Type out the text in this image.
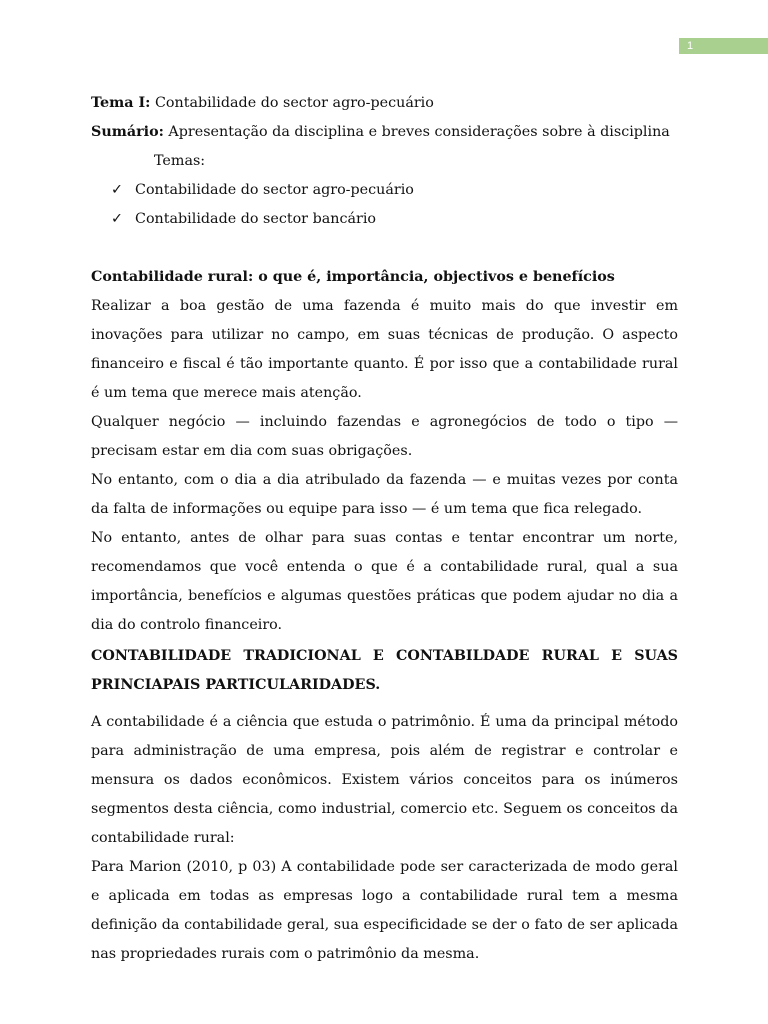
1

Tema I: Contabilidade do sector agro-pecuário

Sumário: Apresentação da disciplina e breves considerações sobre à disciplina

Temas:

✓ Contabilidade do sector agro-pecuário

✓ Contabilidade do sector bancário

Contabilidade rural: o que é, importância, objectivos e benefícios

Realizar a boa gestão de uma fazenda é muito mais do que investir em inovações para utilizar no campo, em suas técnicas de produção. O aspecto financeiro e fiscal é tão importante quanto. É por isso que a contabilidade rural é um tema que merece mais atenção.

Qualquer negócio — incluindo fazendas e agronegócios de todo o tipo — precisam estar em dia com suas obrigações.

No entanto, com o dia a dia atribulado da fazenda — e muitas vezes por conta da falta de informações ou equipe para isso — é um tema que fica relegado.

No entanto, antes de olhar para suas contas e tentar encontrar um norte, recomendamos que você entenda o que é a contabilidade rural, qual a sua importância, benefícios e algumas questões práticas que podem ajudar no dia a dia do controlo financeiro.

CONTABILIDADE TRADICIONAL E CONTABILDADE RURAL E SUAS

PRINCIAPAIS PARTICULARIDADES.

A contabilidade é a ciência que estuda o patrimônio. É uma da principal método para administração de uma empresa, pois além de registrar e controlar e mensura os dados econômicos. Existem vários conceitos para os inúmeros segmentos desta ciência, como industrial, comercio etc. Seguem os conceitos da contabilidade rural:

Para Marion (2010, p 03) A contabilidade pode ser caracterizada de modo geral e aplicada em todas as empresas logo a contabilidade rural tem a mesma definição da contabilidade geral, sua especificidade se der o fato de ser aplicada nas propriedades rurais com o patrimônio da mesma.
